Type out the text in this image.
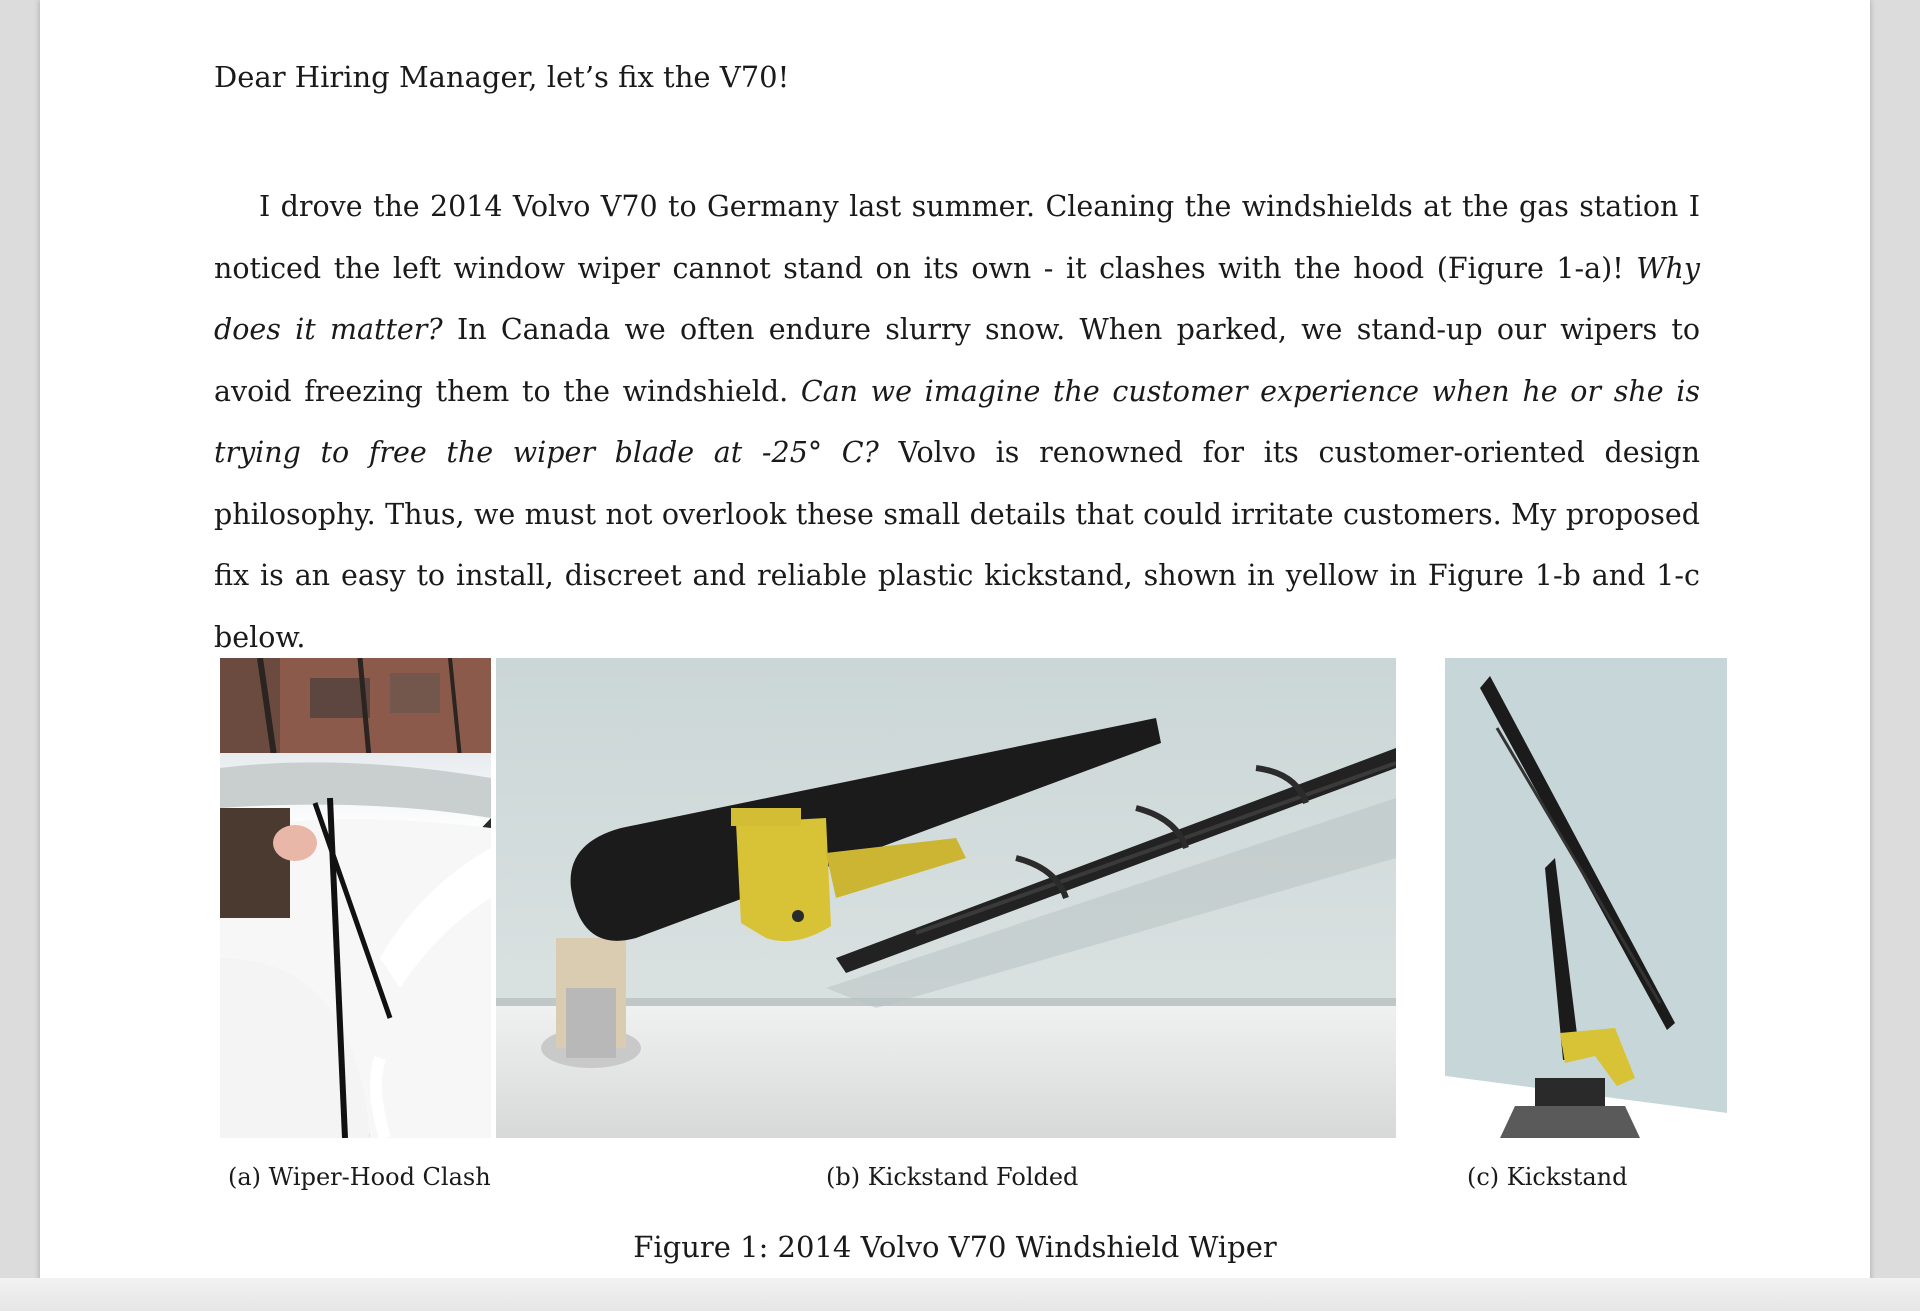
Dear Hiring Manager, let’s fix the V70!

I drove the 2014 Volvo V70 to Germany last summer. Cleaning the windshields at the gas station I noticed the left window wiper cannot stand on its own - it clashes with the hood (Figure 1-a)! Why does it matter? In Canada we often endure slurry snow. When parked, we stand-up our wipers to avoid freezing them to the windshield. Can we imagine the customer experience when he or she is trying to free the wiper blade at -25° C? Volvo is renowned for its customer-oriented design philosophy. Thus, we must not overlook these small details that could irritate customers. My proposed fix is an easy to install, discreet and reliable plastic kickstand, shown in yellow in Figure 1-b and 1-c below.

(a) Wiper-Hood Clash	(b) Kickstand Folded	(c) Kickstand
Figure 1: 2014 Volvo V70 Windshield Wiper
